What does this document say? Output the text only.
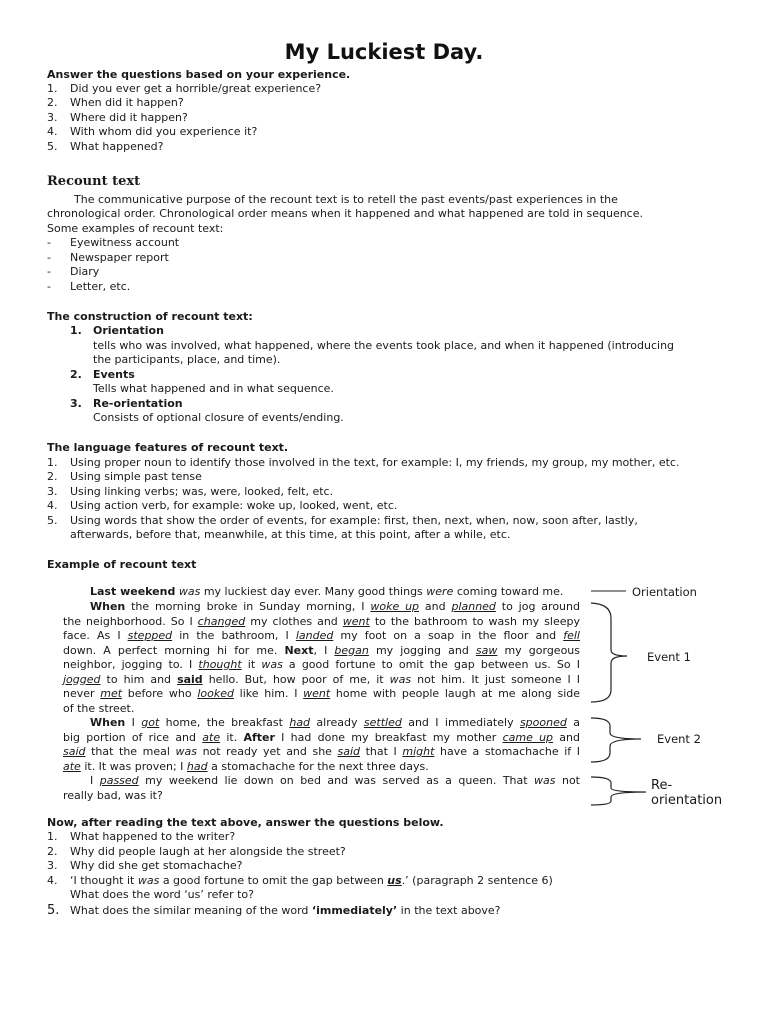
My Luckiest Day.
Answer the questions based on your experience.
1. Did you ever get a horrible/great experience?
2. When did it happen?
3. Where did it happen?
4. With whom did you experience it?
5. What happened?
Recount text
The communicative purpose of the recount text is to retell the past events/past experiences in the
chronological order. Chronological order means when it happened and what happened are told in sequence.
Some examples of recount text:
- Eyewitness account
- Newspaper report
- Diary
- Letter, etc.
The construction of recount text:
1. Orientation
tells who was involved, what happened, where the events took place, and when it happened (introducing
the participants, place, and time).
2. Events
Tells what happened and in what sequence.
3. Re-orientation
Consists of optional closure of events/ending.
The language features of recount text.
1. Using proper noun to identify those involved in the text, for example: I, my friends, my group, my mother, etc.
2. Using simple past tense
3. Using linking verbs; was, were, looked, felt, etc.
4. Using action verb, for example: woke up, looked, went, etc.
5. Using words that show the order of events, for example: first, then, next, when, now, soon after, lastly,
afterwards, before that, meanwhile, at this time, at this point, after a while, etc.
Example of recount text
Last weekend was my luckiest day ever. Many good things were coming toward me.
When the morning broke in Sunday morning, I woke up and planned to jog around
the neighborhood. So I changed my clothes and went to the bathroom to wash my sleepy
face. As I stepped in the bathroom, I landed my foot on a soap in the floor and fell
down. A perfect morning hi for me. Next, I began my jogging and saw my gorgeous
neighbor, jogging to. I thought it was a good fortune to omit the gap between us. So I
jogged to him and said hello. But, how poor of me, it was not him. It just someone I I
never met before who looked like him. I went home with people laugh at me along side
of the street.
When I got home, the breakfast had already settled and I immediately spooned a
big portion of rice and ate it. After I had done my breakfast my mother came up and
said that the meal was not ready yet and she said that I might have a stomachache if I
ate it. It was proven; I had a stomachache for the next three days.
I passed my weekend lie down on bed and was served as a queen. That was not
really bad, was it?
Orientation
Event 1
Event 2
Re-
orientation
Now, after reading the text above, answer the questions below.
1. What happened to the writer?
2. Why did people laugh at her alongside the street?
3. Why did she get stomachache?
4. ‘I thought it was a good fortune to omit the gap between us.’ (paragraph 2 sentence 6)
What does the word ‘us’ refer to?
5. What does the similar meaning of the word ‘immediately’ in the text above?
